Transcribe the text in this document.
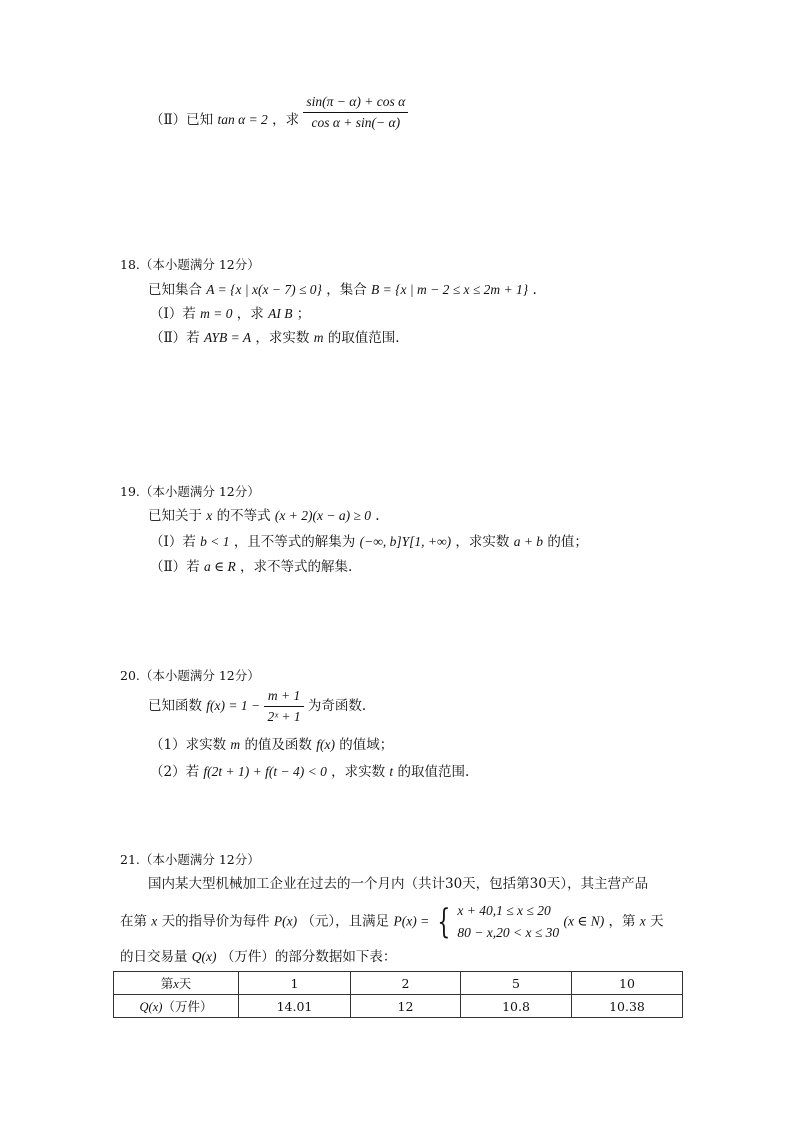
（Ⅱ）已知 tan α = 2 ，求 $\frac{\text{sin(π − α) + cos α}}{\text{cos α + sin(− α)}}$
18.（本小题满分 12分）
已知集合 A = {x | x(x − 7) ≤ 0} ，集合 B = {x | m − 2 ≤ x ≤ 2m + 1} .
（Ⅰ）若 m = 0 ，求 AI B ；
（Ⅱ）若 AYB = A ，求实数 m 的取值范围.
19.（本小题满分 12分）
已知关于 x 的不等式 (x + 2)(x − a) ≥ 0 .
（Ⅰ）若 b < 1 ，且不等式的解集为 (−∞, b]Y[1, +∞) ，求实数 a + b 的值；
（Ⅱ）若 a ∈ R ，求不等式的解集.
20.（本小题满分 12分）
已知函数 $f(x) = 1 - \frac{m + 1}{\text{2ˣ + 1}}$ 为奇函数.
（1）求实数 m 的值及函数 f(x) 的值域；
（2）若 f(2t + 1) + f(t − 4) < 0 ，求实数 t 的取值范围.
21.（本小题满分 12分）
国内某大型机械加工企业在过去的一个月内（共计30天，包括第30天），其主营产品
在第 x 天的指导价为每件 P(x) （元），且满足 P(x) = { x + 40,1 ≤ x ≤ 20
80 − x,20 < x ≤ 30
(x ∈ N) ，第 x 天
的日交易量 Q(x) （万件）的部分数据如下表：
第x天	1	2	5	10
Q(x)（万件）	14.01	12	10.8	10.38
